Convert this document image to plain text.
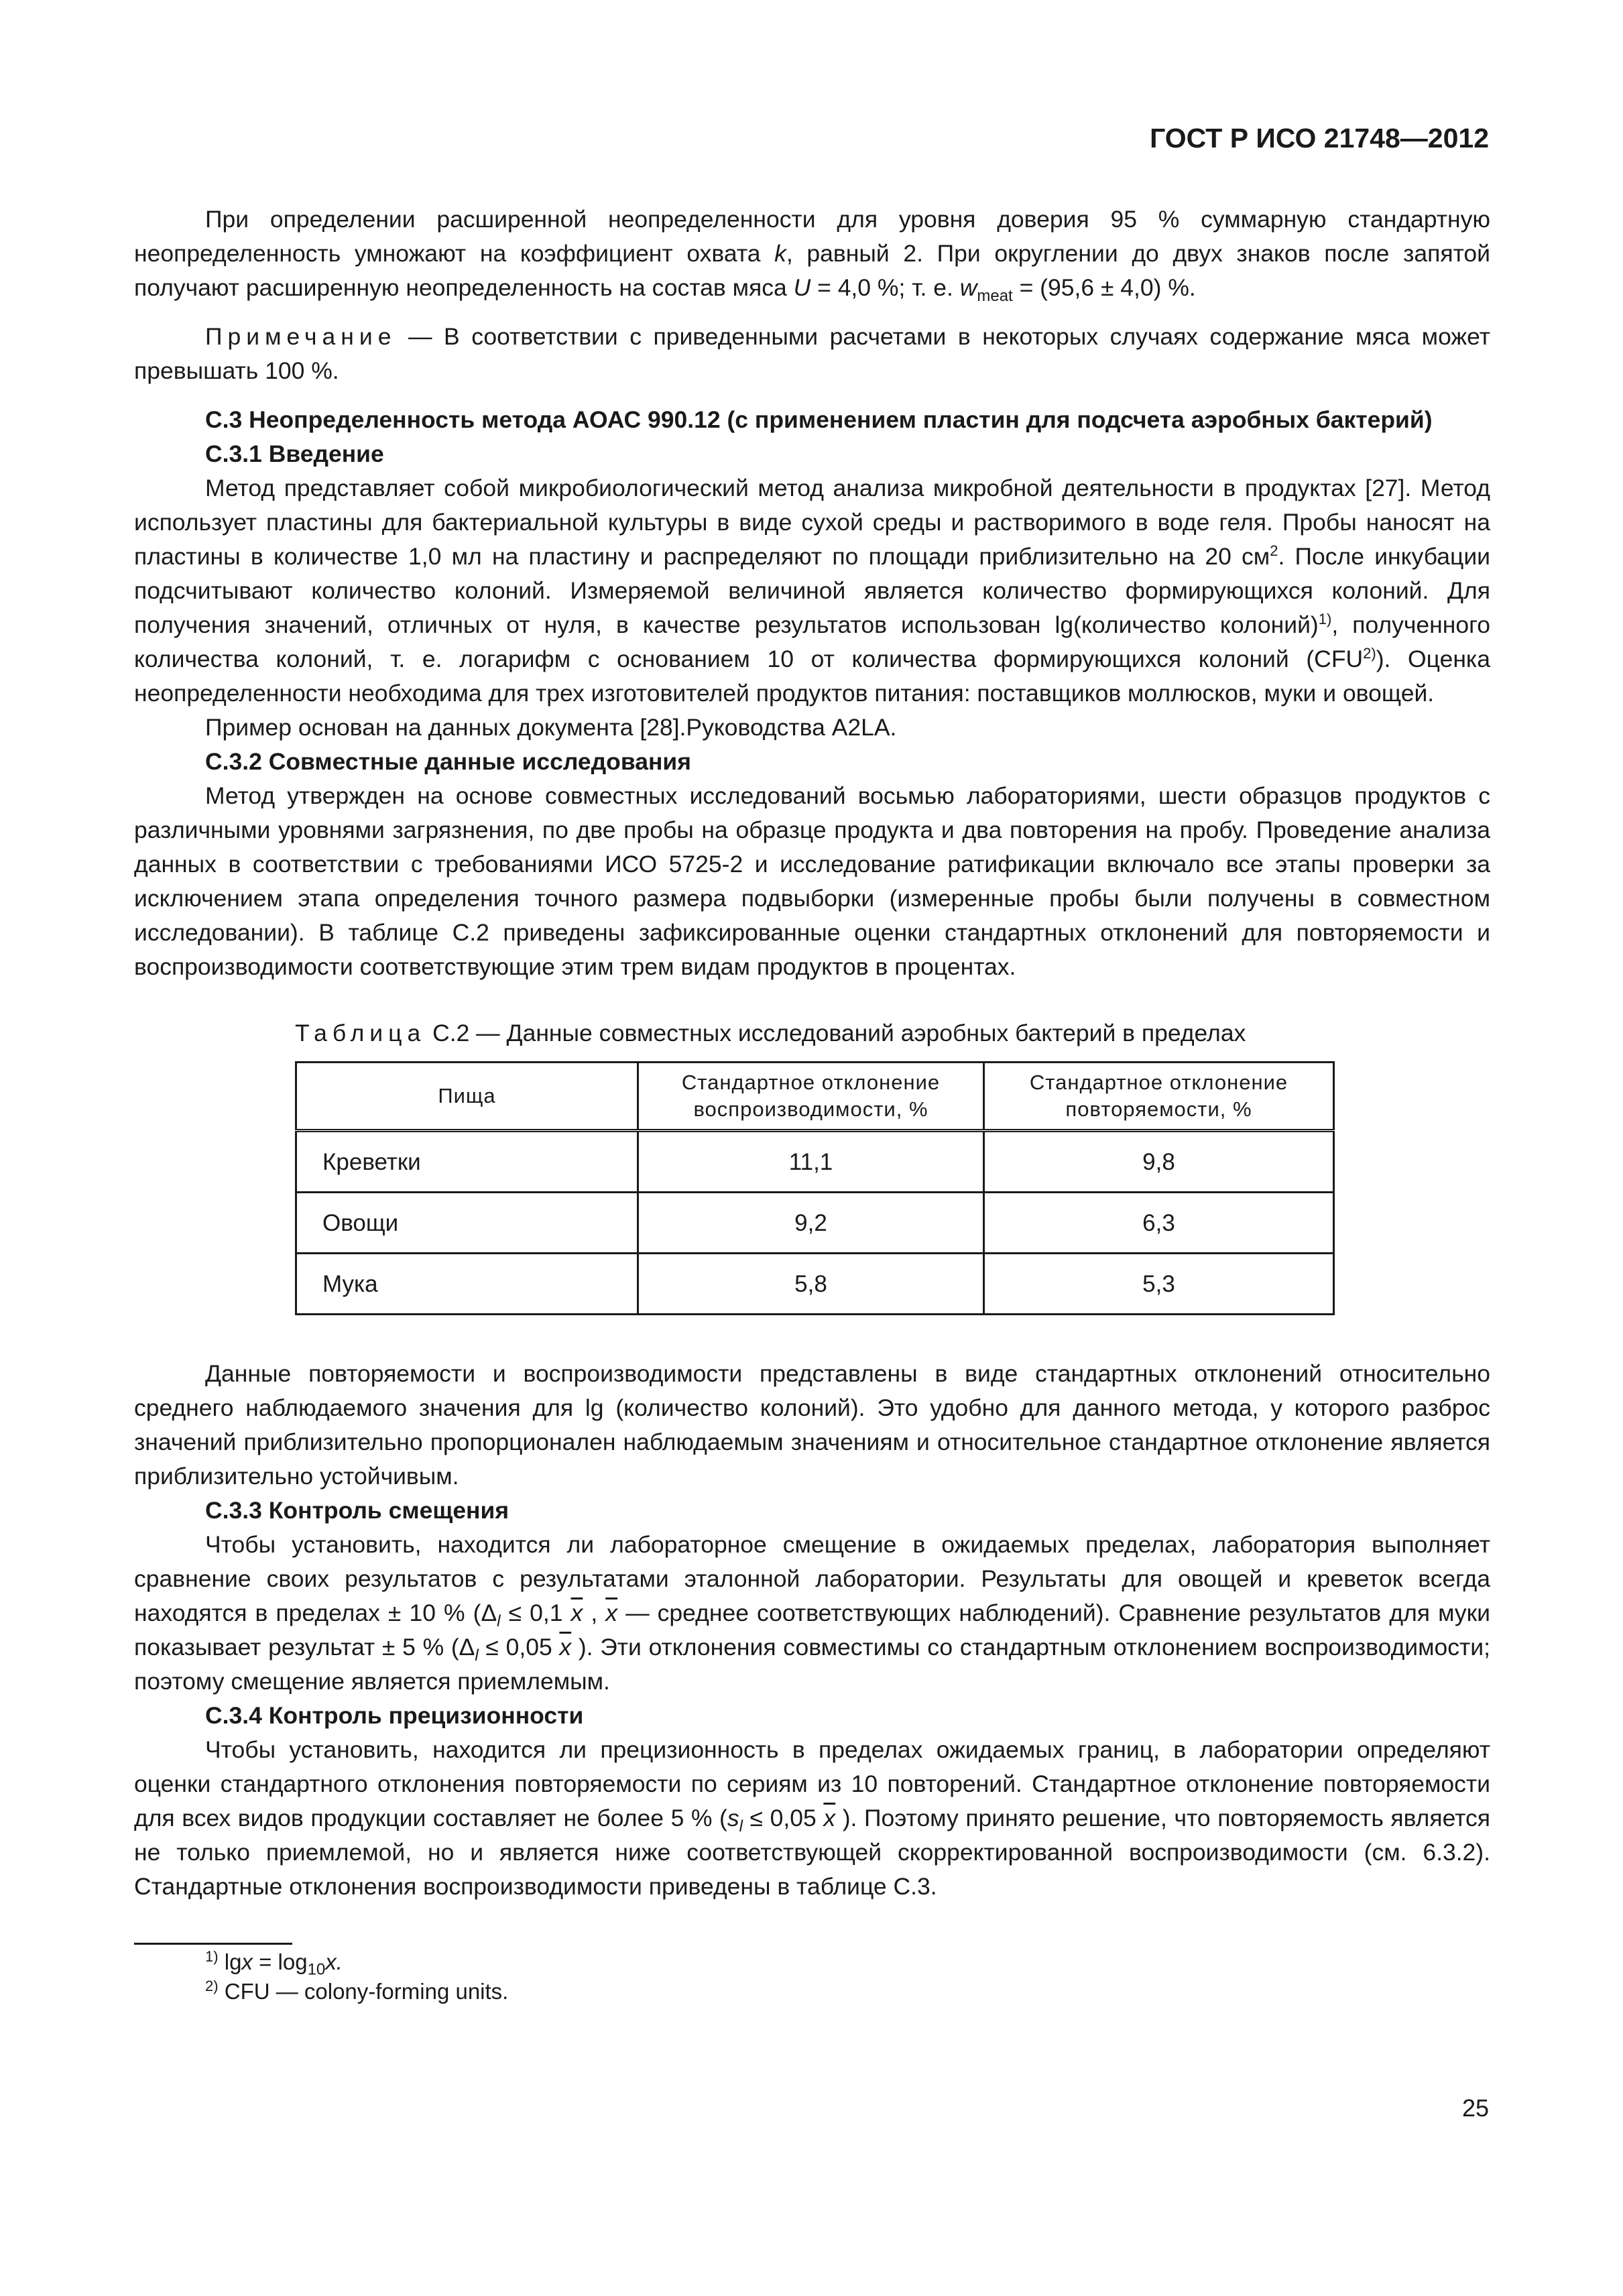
ГОСТ Р ИСО 21748—2012

При определении расширенной неопределенности для уровня доверия 95 % суммарную стандартную неопределенность умножают на коэффициент охвата k, равный 2. При округлении до двух знаков после запятой получают расширенную неопределенность на состав мяса U = 4,0 %; т. е. $w_{meat} = (95,6 \pm 4,0)$ %.

Примечание — В соответствии с приведенными расчетами в некоторых случаях содержание мяса может превышать 100 %.

С.3 Неопределенность метода АОАС 990.12 (с применением пластин для подсчета аэробных бактерий)

С.3.1 Введение

Метод представляет собой микробиологический метод анализа микробной деятельности в продуктах [27]. Метод использует пластины для бактериальной культуры в виде сухой среды и растворимого в воде геля. Пробы наносят на пластины в количестве 1,0 мл на пластину и распределяют по площади приблизительно на 20 $см^2$. После инкубации подсчитывают количество колоний. Измеряемой величиной является количество формирующихся колоний. Для получения значений, отличных от нуля, в качестве результатов использован lg(количество колоний)$^{1)}$, полученного количества колоний, т. е. логарифм с основанием 10 от количества формирующихся колоний (CFU$^{2)}$). Оценка неопределенности необходима для трех изготовителей продуктов питания: поставщиков моллюсков, муки и овощей.

Пример основан на данных документа [28].Руководства A2LA.

С.3.2 Совместные данные исследования

Метод утвержден на основе совместных исследований восьмью лабораториями, шести образцов продуктов с различными уровнями загрязнения, по две пробы на образце продукта и два повторения на пробу. Проведение анализа данных в соответствии с требованиями ИСО 5725-2 и исследование ратификации включало все этапы проверки за исключением этапа определения точного размера подвыборки (измеренные пробы были получены в совместном исследовании). В таблице С.2 приведены зафиксированные оценки стандартных отклонений для повторяемости и воспроизводимости соответствующие этим трем видам продуктов в процентах.

Таблица С.2 — Данные совместных исследований аэробных бактерий в пределах
Пища	Стандартное отклонение воспроизводимости, %	Стандартное отклонение повторяемости, %
Креветки	11,1	9,8
Овощи	9,2	6,3
Мука	5,8	5,3

Данные повторяемости и воспроизводимости представлены в виде стандартных отклонений относительно среднего наблюдаемого значения для lg (количество колоний). Это удобно для данного метода, у которого разброс значений приблизительно пропорционален наблюдаемым значениям и относительное стандартное отклонение является приблизительно устойчивым.

С.3.3 Контроль смещения

Чтобы установить, находится ли лабораторное смещение в ожидаемых пределах, лаборатория выполняет сравнение своих результатов с результатами эталонной лаборатории. Результаты для овощей и креветок всегда находятся в пределах ± 10 % ($\Delta_l \le 0,1$ $\overline{x}$ , $\overline{x}$ — среднее соответствующих наблюдений). Сравнение результатов для муки показывает результат ± 5 % ($\Delta_l \le 0,05$ $\overline{x}$ ). Эти отклонения совместимы со стандартным отклонением воспроизводимости; поэтому смещение является приемлемым.

С.3.4 Контроль прецизионности

Чтобы установить, находится ли прецизионность в пределах ожидаемых границ, в лаборатории определяют оценки стандартного отклонения повторяемости по сериям из 10 повторений. Стандартное отклонение повторяемости для всех видов продукции составляет не более 5 % ($s_l \le 0,05$ $\overline{x}$ ). Поэтому принято решение, что повторяемость является не только приемлемой, но и является ниже соответствующей скорректированной воспроизводимости (см. 6.3.2). Стандартные отклонения воспроизводимости приведены в таблице С.3.

$^{1)}$ $\lg x = \log_{10}x$.
$^{2)}$ CFU — colony-forming units.
25
